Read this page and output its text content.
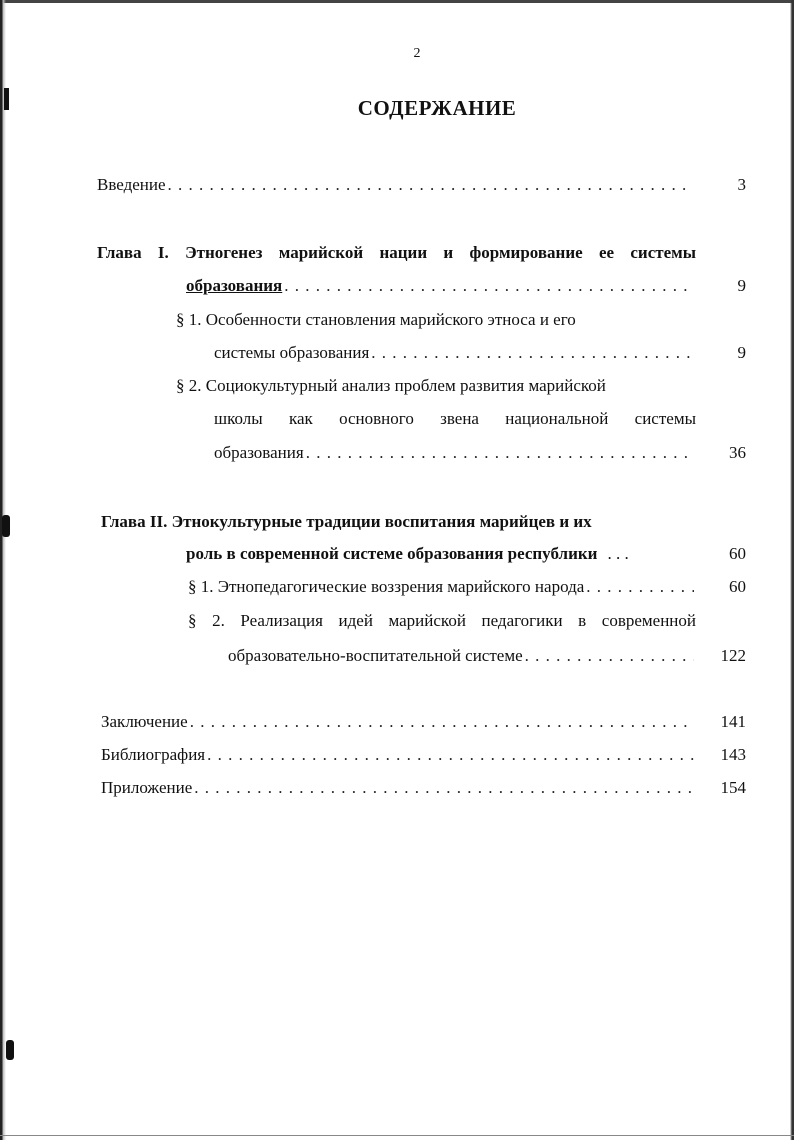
2
СОДЕРЖАНИЕ
Введение . . .	3
Глава I. Этногенез марийской нации и формирование ее системы
образования . . .	9
§ 1. Особенности становления марийского этноса и его
системы образования . . .	9
§ 2. Социокультурный анализ проблем развития марийской
школы как основного звена национальной системы
образования . . .	36
Глава II. Этнокультурные традиции воспитания марийцев и их
роль в современной системе образования республики . . .	60
§ 1. Этнопедагогические воззрения марийского народа . . .	60
§ 2. Реализация идей марийской педагогики в современной
образовательно-воспитательной системе . . .	122
Заключение . . .	141
Библиография . . .	143
Приложение . . .	154
